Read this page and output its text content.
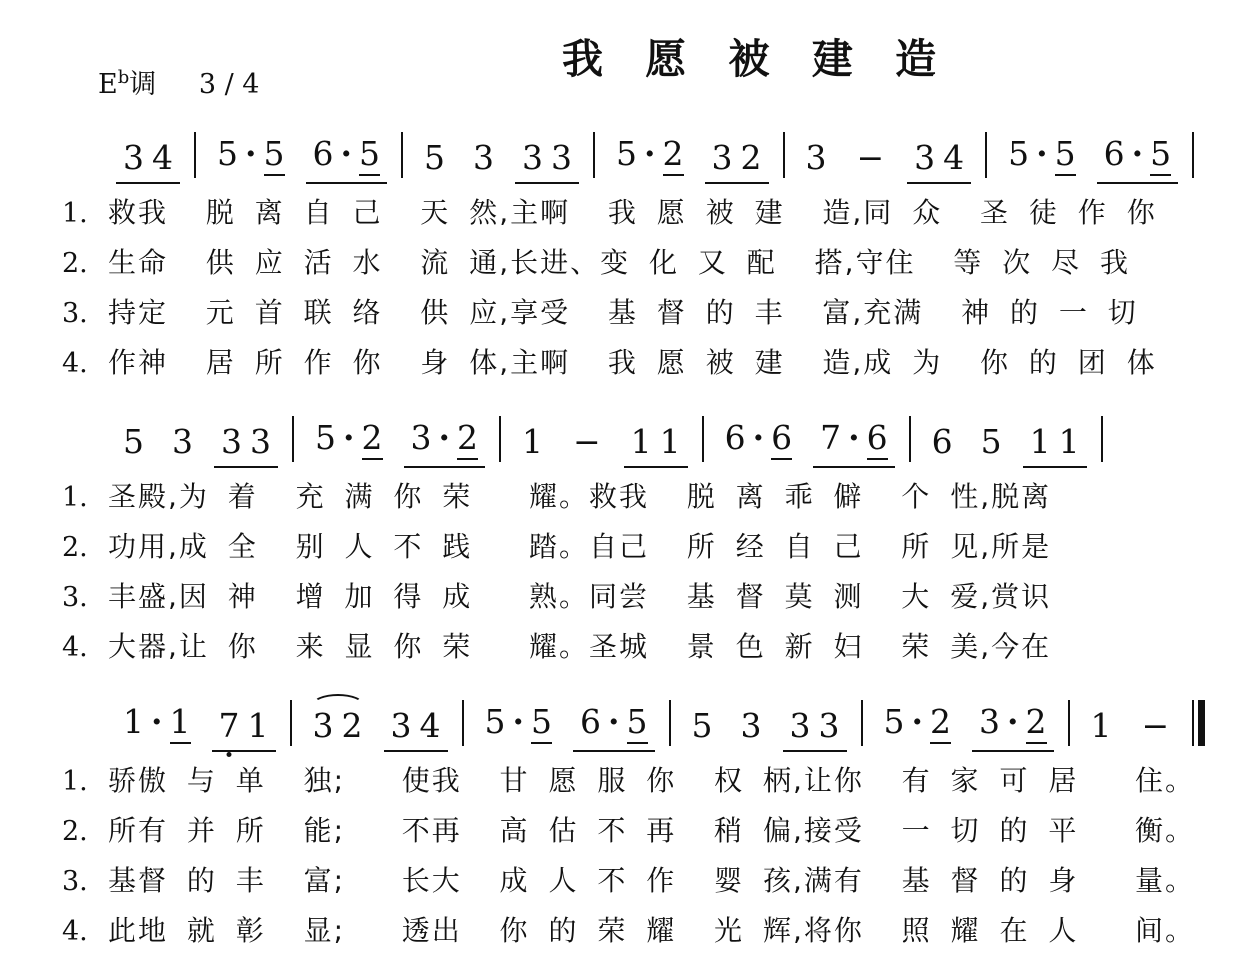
我 愿 被 建 造
$E^b$调 3 / 4
3 4 5 · 5 6 · 5 5 3 3 3 5 · 2 3 2 3 − 3 4 5 · 5 6 · 5
1. 救我  脱 离 自 己  天 然,主啊  我 愿 被 建  造,同 众  圣 徒 作 你
2. 生命  供 应 活 水  流 通,长进、变 化 又 配  搭,守住  等 次 尽 我
3. 持定  元 首 联 络  供 应,享受  基 督 的 丰  富,充满  神 的 一 切
4. 作神  居 所 作 你  身 体,主啊  我 愿 被 建  造,成 为  你 的 团 体
5 3 3 3 5 · 2 3 · 2 1 − 1 1 6 · 6 7 · 6 6 5 1 1
1. 圣殿,为 着  充 满 你 荣   耀。救我  脱 离 乖 僻  个 性,脱离
2. 功用,成 全  别 人 不 践   踏。自己  所 经 自 己  所 见,所是
3. 丰盛,因 神  增 加 得 成   熟。同尝  基 督 莫 测  大 爱,赏识
4. 大器,让 你  来 显 你 荣   耀。圣城  景 色 新 妇  荣 美,今在
1 · 1 7 1 3 2 3 4 5 · 5 6 · 5 5 3 3 3 5 · 2 3 · 2 1 −
1. 骄傲 与 单  独;   使我  甘 愿 服 你  权 柄,让你  有 家 可 居   住。
2. 所有 并 所  能;   不再  高 估 不 再  稍 偏,接受  一 切 的 平   衡。
3. 基督 的 丰  富;   长大  成 人 不 作  婴 孩,满有  基 督 的 身   量。
4. 此地 就 彰  显;   透出  你 的 荣 耀  光 辉,将你  照 耀 在 人   间。
